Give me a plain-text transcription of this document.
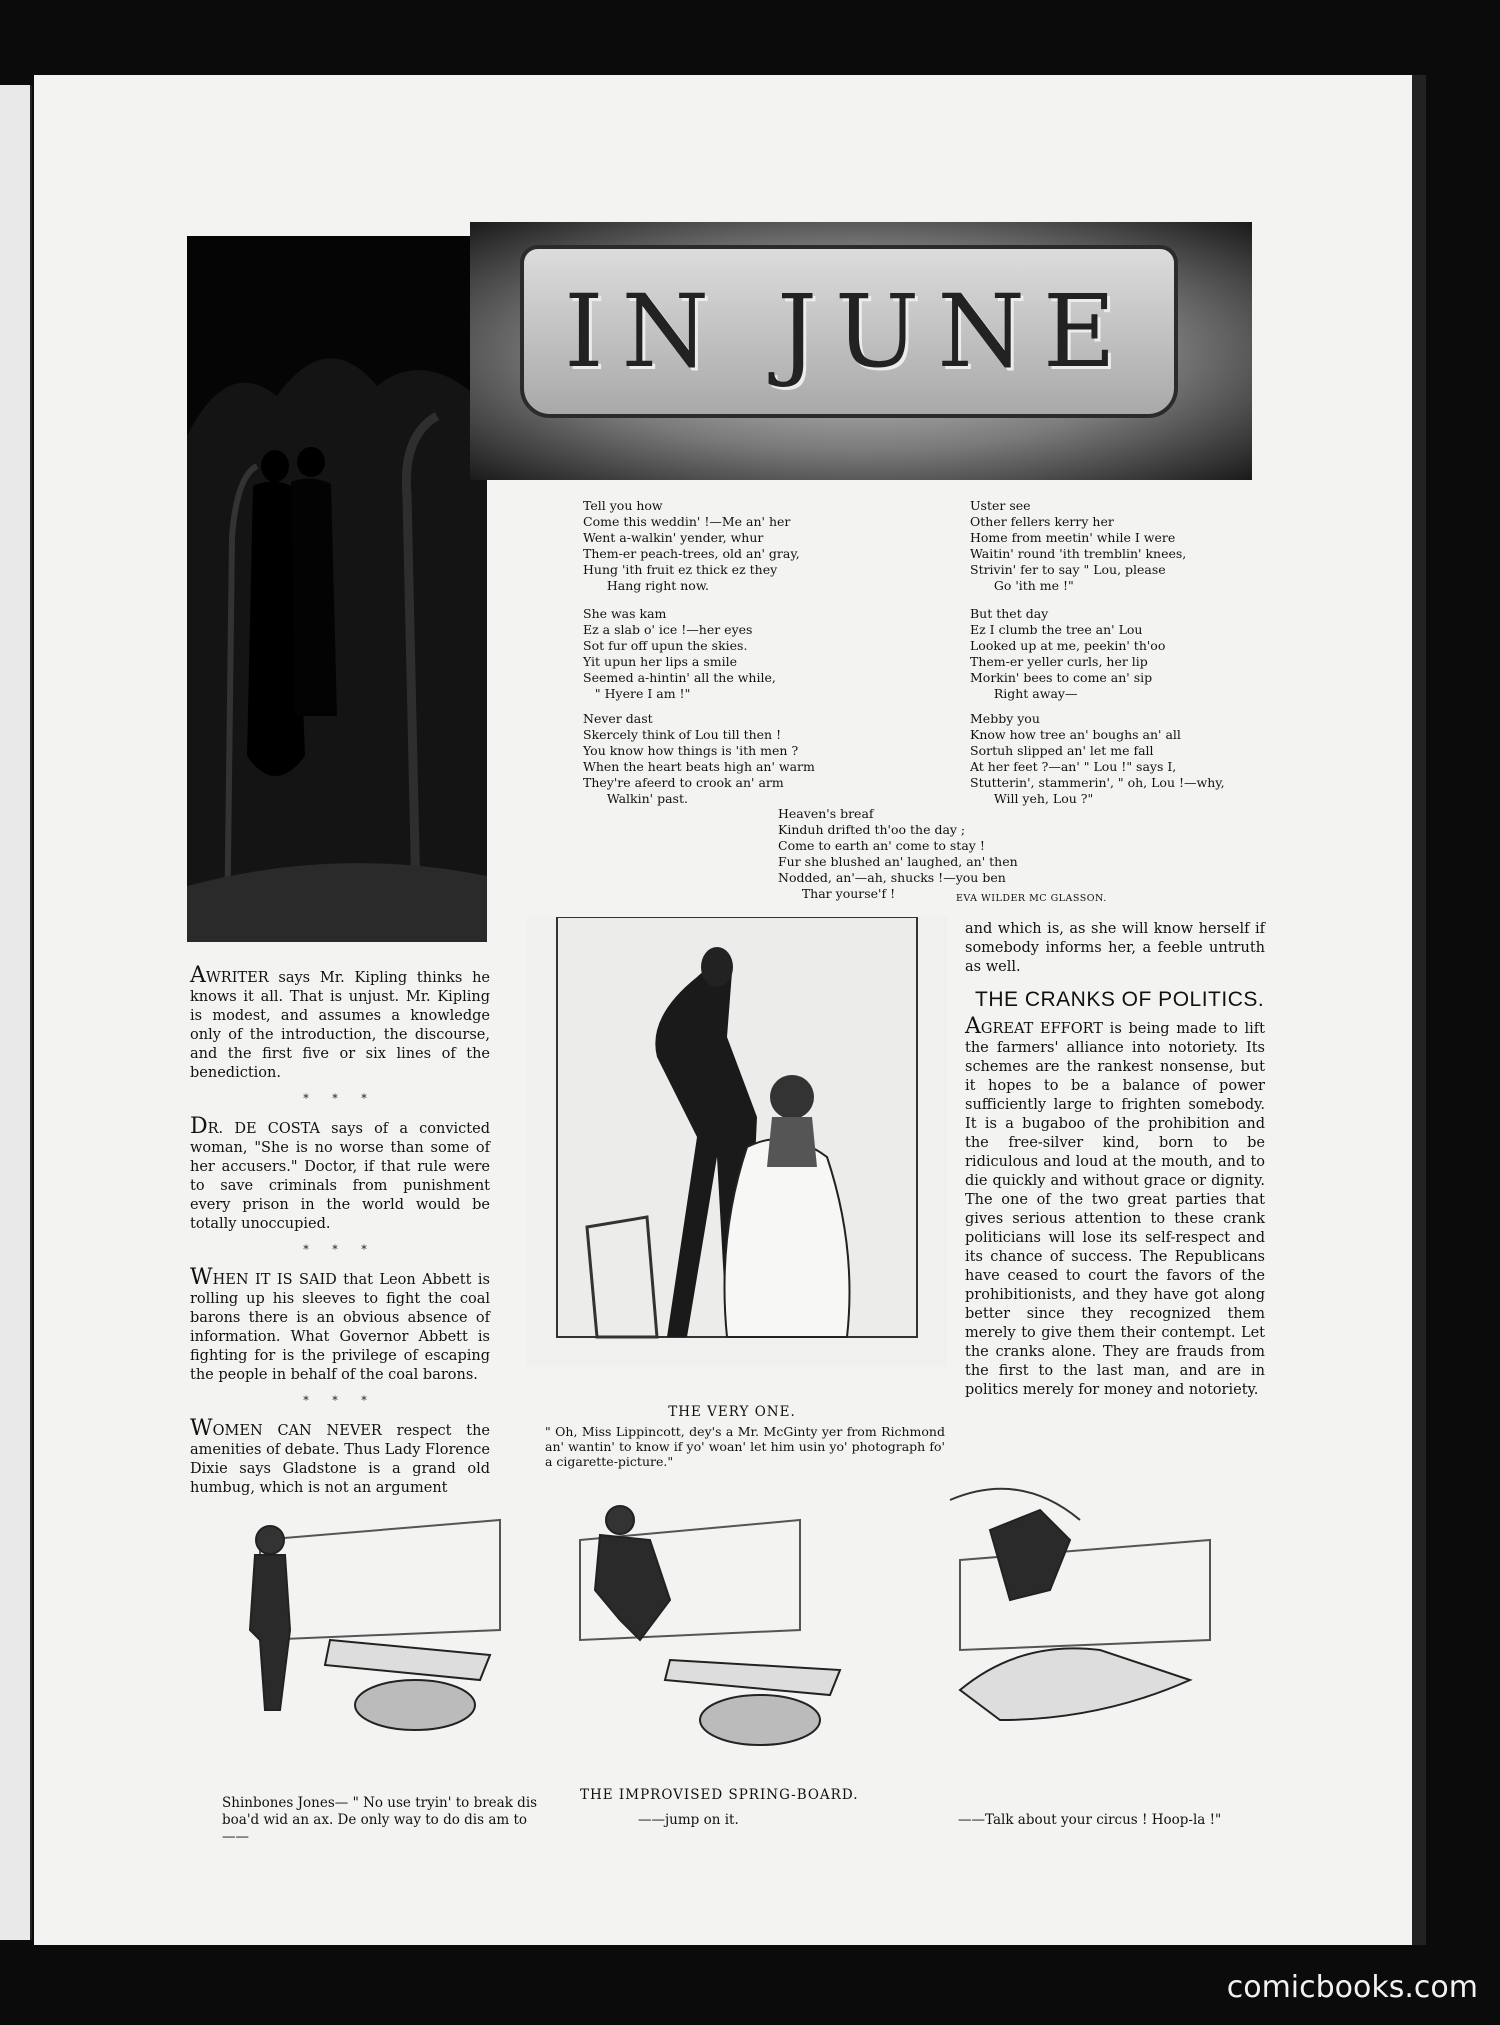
IN JUNE
Tell you how
Come this weddin' !—Me an' her
Went a-walkin' yender, whur
Them-er peach-trees, old an' gray,
Hung 'ith fruit ez thick ez they
Hang right now.
She was kam
Ez a slab o' ice !—her eyes
Sot fur off upun the skies.
Yit upun her lips a smile
Seemed a-hintin' all the while,
" Hyere I am !"
Never dast
Skercely think of Lou till then !
You know how things is 'ith men ?
When the heart beats high an' warm
They're afeerd to crook an' arm
Walkin' past.
Uster see
Other fellers kerry her
Home from meetin' while I were
Waitin' round 'ith tremblin' knees,
Strivin' fer to say " Lou, please
Go 'ith me !"
But thet day
Ez I clumb the tree an' Lou
Looked up at me, peekin' th'oo
Them-er yeller curls, her lip
Morkin' bees to come an' sip
Right away—
Mebby you
Know how tree an' boughs an' all
Sortuh slipped an' let me fall
At her feet ?—an' " Lou !" says I,
Stutterin', stammerin', " oh, Lou !—why,
Will yeh, Lou ?"
Heaven's breaf
Kinduh drifted th'oo the day ;
Come to earth an' come to stay !
Fur she blushed an' laughed, an' then
Nodded, an'—ah, shucks !—you ben
Thar yourse'f !	EVA WILDER MC GLASSON.

AWRITER says Mr. Kipling thinks he knows it all. That is unjust. Mr. Kipling is modest, and assumes a knowledge only of the introduction, the discourse, and the first five or six lines of the benediction.

* * *

DR. DE COSTA says of a convicted woman, "She is no worse than some of her accusers." Doctor, if that rule were to save criminals from punishment every prison in the world would be totally unoccupied.

* * *

WHEN IT IS SAID that Leon Abbett is rolling up his sleeves to fight the coal barons there is an obvious absence of information. What Governor Abbett is fighting for is the privilege of escaping the people in behalf of the coal barons.

* * *

WOMEN CAN NEVER respect the amenities of debate. Thus Lady Florence Dixie says Gladstone is a grand old humbug, which is not an argument

THE VERY ONE.
" Oh, Miss Lippincott, dey's a Mr. McGinty yer from Richmond an' wantin' to know if yo' woan' let him usin yo' photograph fo' a cigarette-picture."

and which is, as she will know herself if somebody informs her, a feeble untruth as well.

THE CRANKS OF POLITICS.

AGREAT EFFORT is being made to lift the farmers' alliance into notoriety. Its schemes are the rankest nonsense, but it hopes to be a balance of power sufficiently large to frighten somebody. It is a bugaboo of the prohibition and the free-silver kind, born to be ridiculous and loud at the mouth, and to die quickly and without grace or dignity. The one of the two great parties that gives serious attention to these crank politicians will lose its self-respect and its chance of success. The Republicans have ceased to court the favors of the prohibitionists, and they have got along better since they recognized them merely to give them their contempt. Let the cranks alone. They are frauds from the first to the last man, and are in politics merely for money and notoriety.

THE IMPROVISED SPRING-BOARD.
Shinbones Jones— " No use tryin' to break dis boa'd wid an ax. De only way to do dis am to——
——jump on it.	——Talk about your circus ! Hoop-la !"
comicbooks.com
